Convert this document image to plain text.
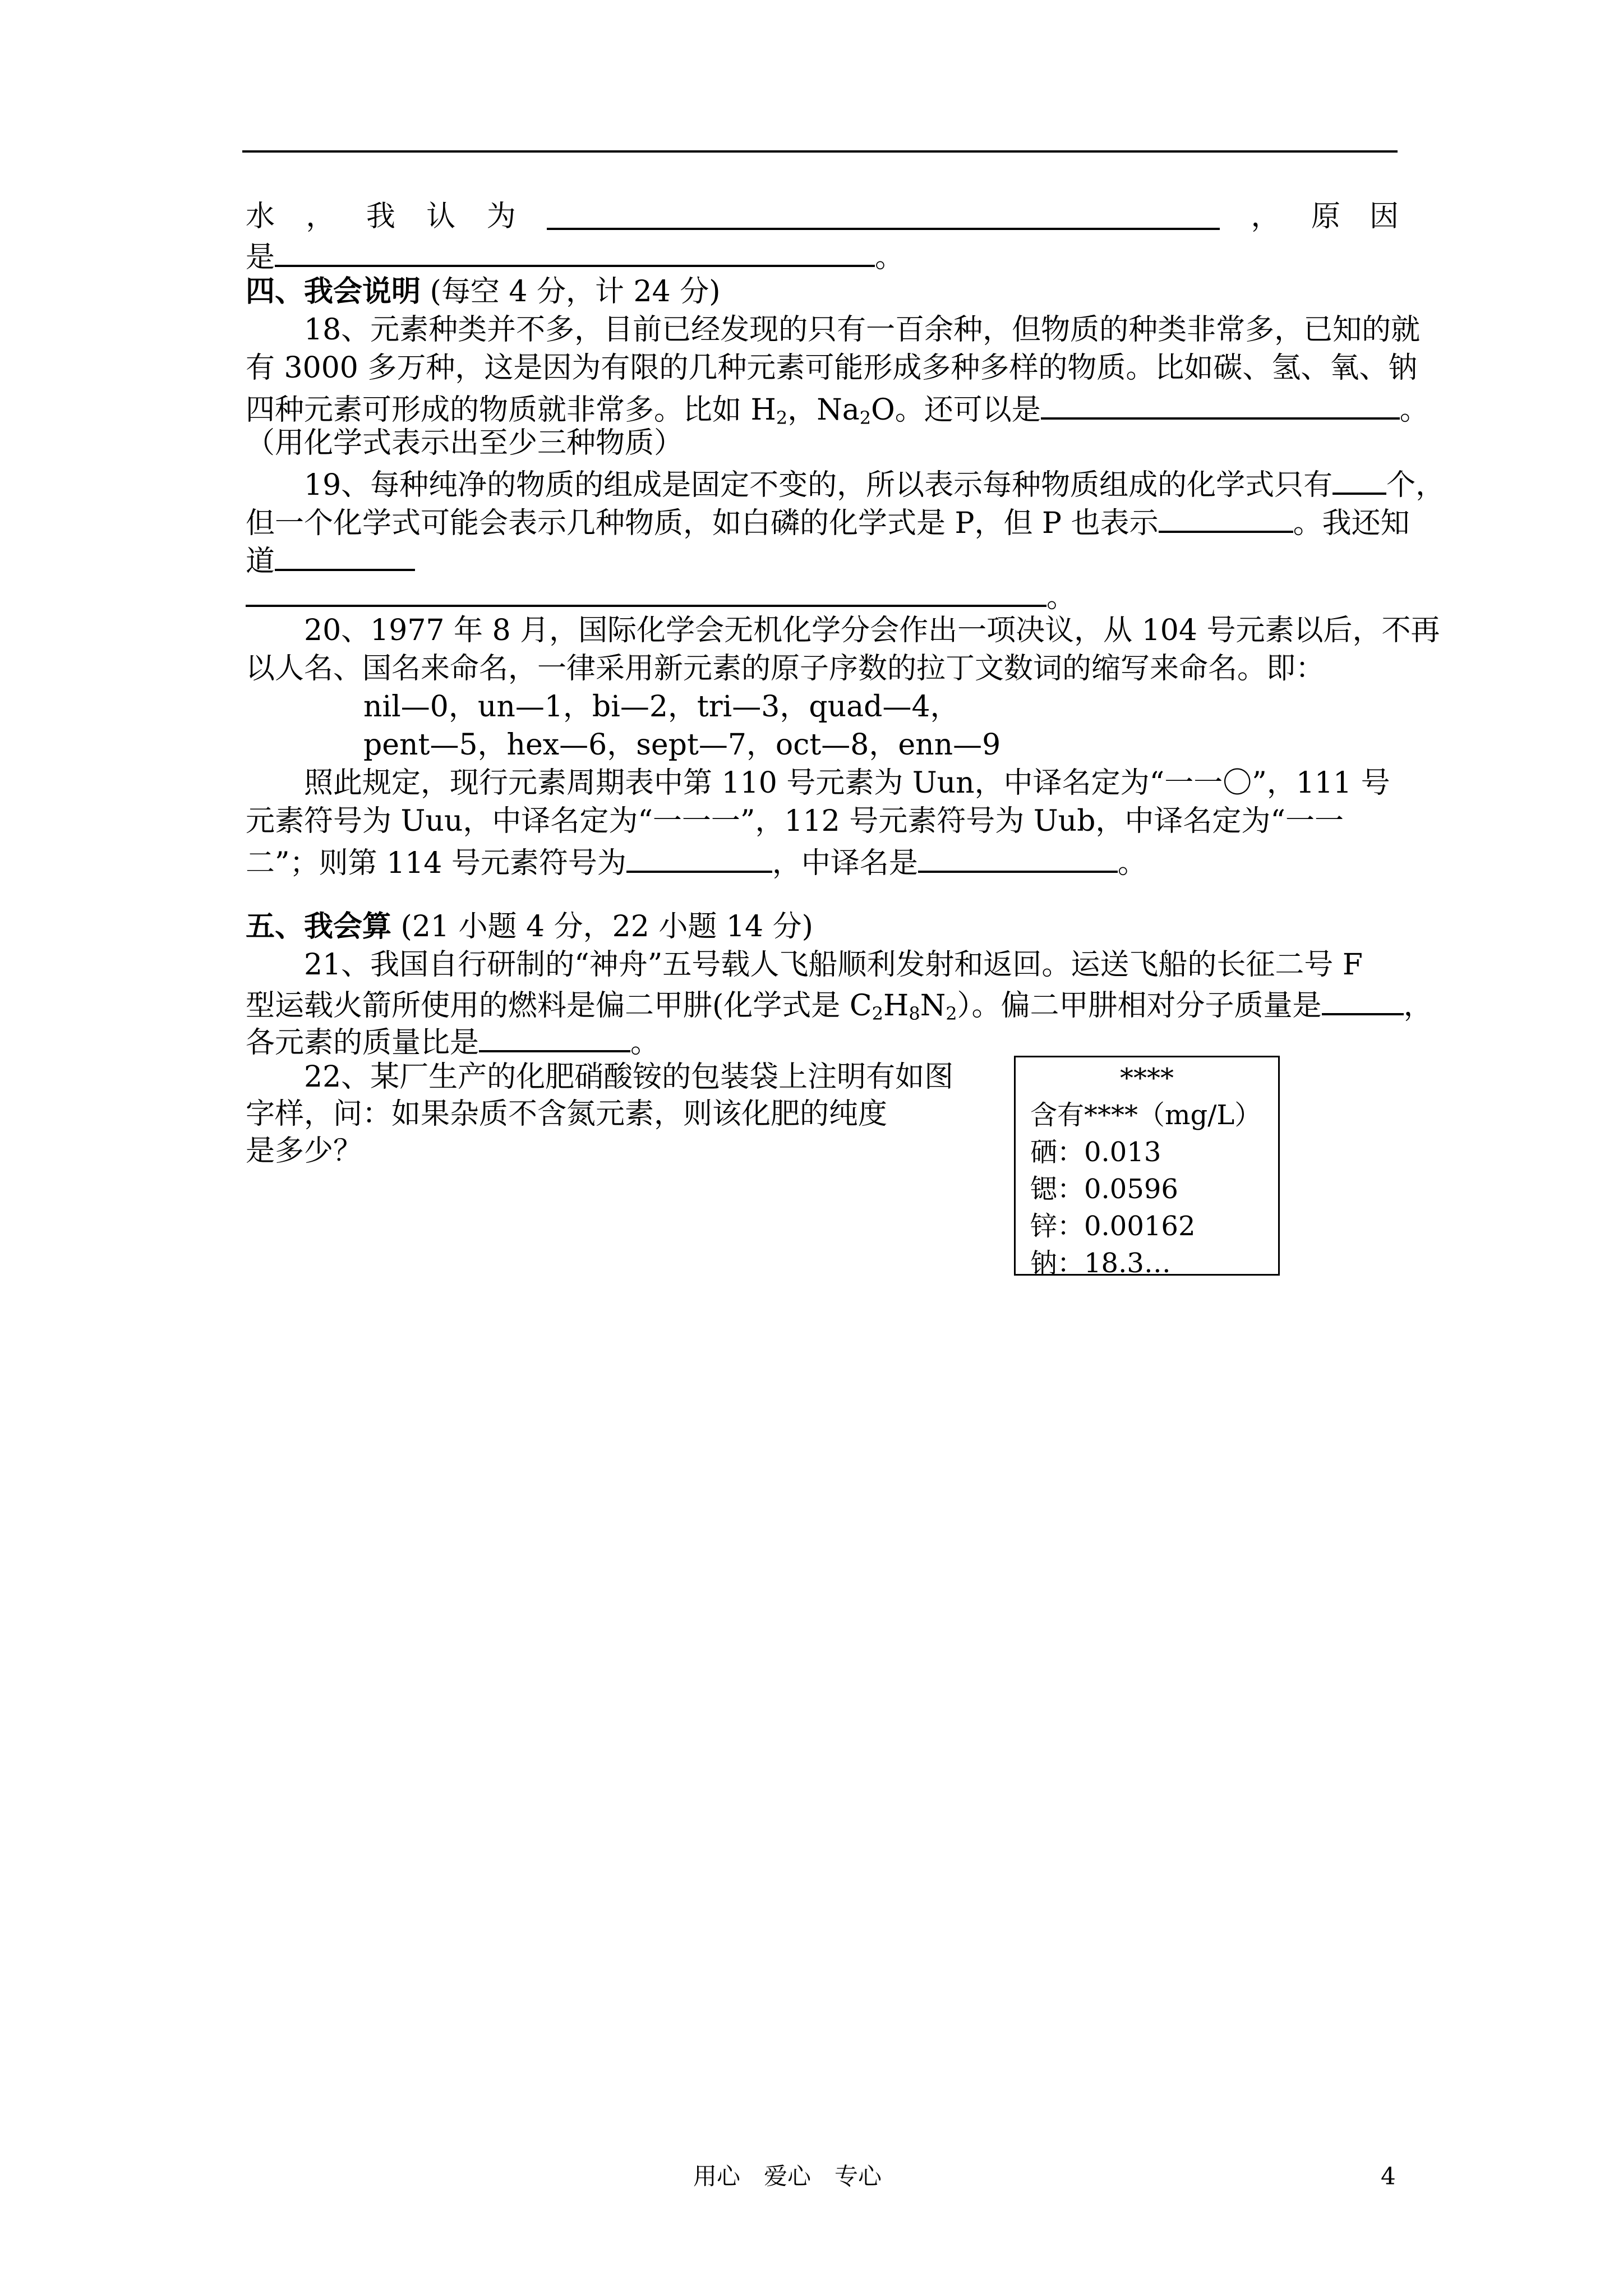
水 ， 我 认 为	， 原　因
是	。
四、我会说明 (每空 4 分，计 24 分)
18、元素种类并不多，目前已经发现的只有一百余种，但物质的种类非常多，已知的就
有 3000 多万种，这是因为有限的几种元素可能形成多种多样的物质。比如碳、氢、氧、钠
四种元素可形成的物质就非常多。比如 $H_2$，$Na_2O$。还可以是	。
（用化学式表示出至少三种物质）
19、每种纯净的物质的组成是固定不变的，所以表示每种物质组成的化学式只有 个，
但一个化学式可能会表示几种物质，如白磷的化学式是 P，但 P 也表示	。我还知
道
。
20、1977 年 8 月，国际化学会无机化学分会作出一项决议，从 104 号元素以后，不再
以人名、国名来命名，一律采用新元素的原子序数的拉丁文数词的缩写来命名。即：
nil—0，un—1，bi—2，tri—3，quad—4，
pent—5，hex—6，sept—7，oct—8，enn—9
照此规定，现行元素周期表中第 110 号元素为 Uun，中译名定为“一一〇”，111 号
元素符号为 Uuu，中译名定为“一一一”，112 号元素符号为 Uub，中译名定为“一一
二”；则第 114 号元素符号为	，中译名是	。
五、我会算 (21 小题 4 分，22 小题 14 分)
21、我国自行研制的“神舟”五号载人飞船顺利发射和返回。运送飞船的长征二号 F
型运载火箭所使用的燃料是偏二甲肼(化学式是 $C_2H_8N_2$）。偏二甲肼相对分子质量是	，
各元素的质量比是	。
22、某厂生产的化肥硝酸铵的包装袋上注明有如图
字样，问：如果杂质不含氮元素，则该化肥的纯度
是多少？
****
含有****（mg/L）
硒：0.013
锶：0.0596
锌：0.00162
钠：18.3…
用心　爱心　专心	4
